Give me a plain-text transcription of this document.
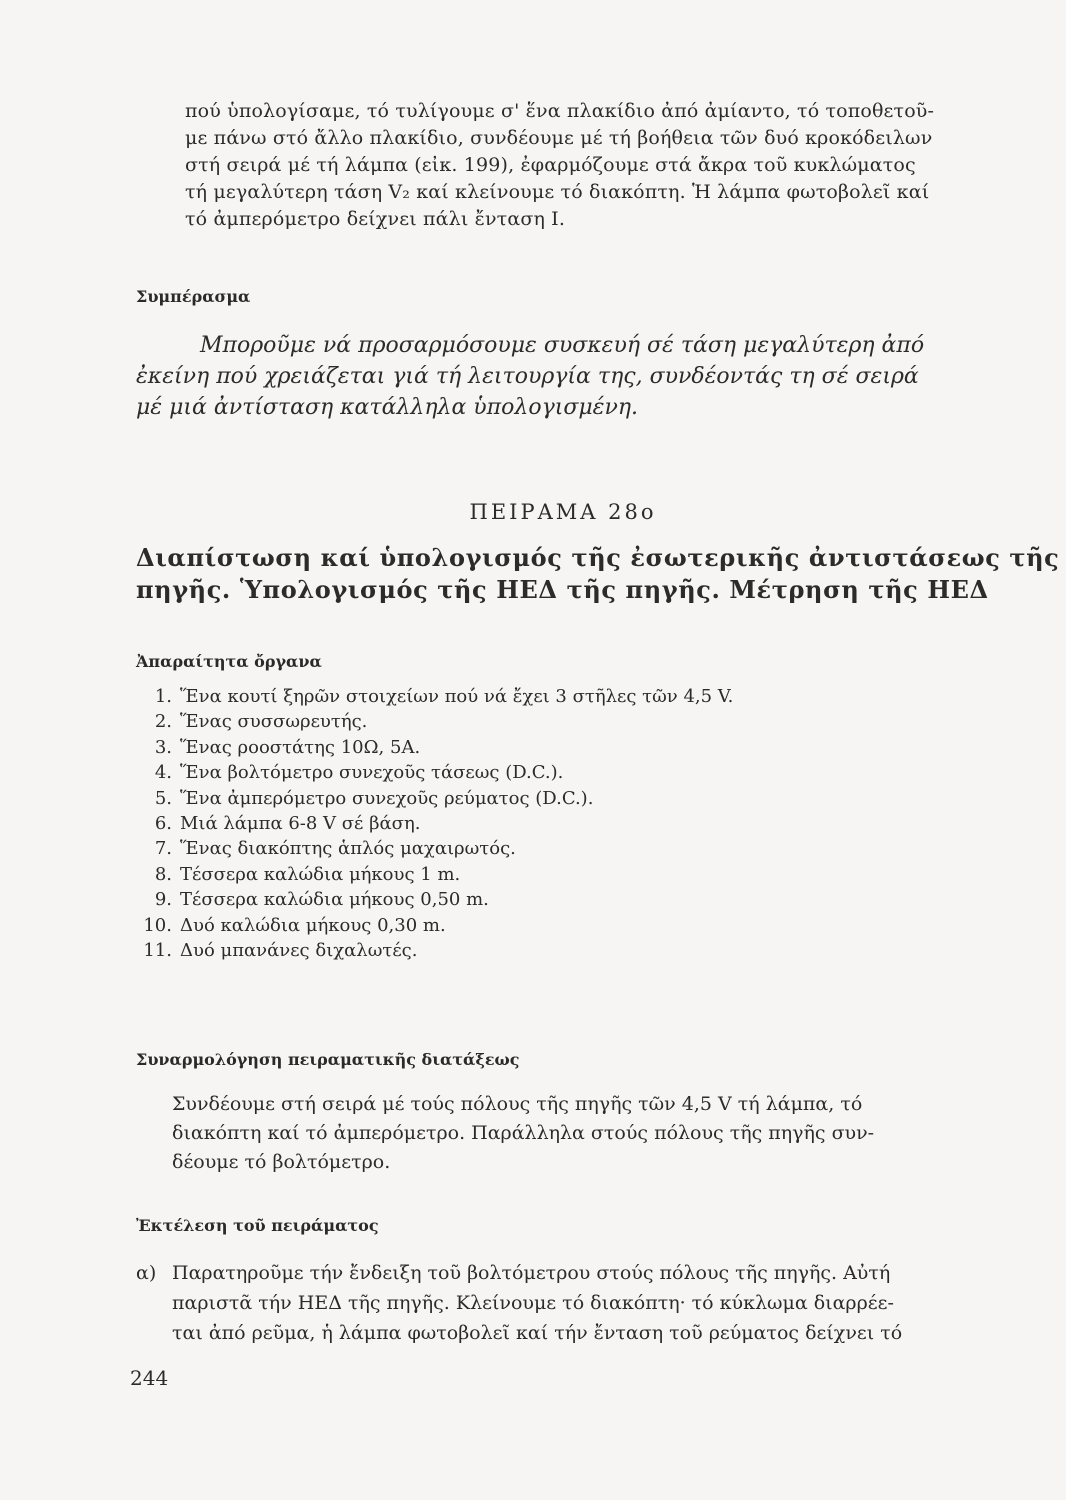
πού ὑπολογίσαμε, τό τυλίγουμε σ' ἕνα πλακίδιο ἀπό ἀμίαντο, τό τοποθετοῦ-
με πάνω στό ἄλλο πλακίδιο, συνδέουμε μέ τή βοήθεια τῶν δυό κροκόδειλων
στή σειρά μέ τή λάμπα (εἰκ. 199), ἐφαρμόζουμε στά ἄκρα τοῦ κυκλώματος
τή μεγαλύτερη τάση V₂ καί κλείνουμε τό διακόπτη. Ἡ λάμπα φωτοβολεῖ καί
τό ἀμπερόμετρο δείχνει πάλι ἔνταση I.
Συμπέρασμα
Μποροῦμε νά προσαρμόσουμε συσκευή σέ τάση μεγαλύτερη ἀπό
ἐκείνη πού χρειάζεται γιά τή λειτουργία της, συνδέοντάς τη σέ σειρά
μέ μιά ἀντίσταση κατάλληλα ὑπολογισμένη.
ΠΕΙΡΑΜΑ 28ο
Διαπίστωση καί ὑπολογισμός τῆς ἐσωτερικῆς ἀντιστάσεως τῆς
πηγῆς. Ὑπολογισμός τῆς ΗΕΔ τῆς πηγῆς. Μέτρηση τῆς ΗΕΔ
Ἀπαραίτητα ὄργανα
1. Ἕνα κουτί ξηρῶν στοιχείων πού νά ἔχει 3 στῆλες τῶν 4,5 V.
2. Ἕνας συσσωρευτής.
3. Ἕνας ροοστάτης 10Ω, 5A.
4. Ἕνα βολτόμετρο συνεχοῦς τάσεως (D.C.).
5. Ἕνα ἀμπερόμετρο συνεχοῦς ρεύματος (D.C.).
6. Μιά λάμπα 6-8 V σέ βάση.
7. Ἕνας διακόπτης ἁπλός μαχαιρωτός.
8. Τέσσερα καλώδια μήκους 1 m.
9. Τέσσερα καλώδια μήκους 0,50 m.
10. Δυό καλώδια μήκους 0,30 m.
11. Δυό μπανάνες διχαλωτές.
Συναρμολόγηση πειραματικῆς διατάξεως
Συνδέουμε στή σειρά μέ τούς πόλους τῆς πηγῆς τῶν 4,5 V τή λάμπα, τό
διακόπτη καί τό ἀμπερόμετρο. Παράλληλα στούς πόλους τῆς πηγῆς συν-
δέουμε τό βολτόμετρο.
Ἐκτέλεση τοῦ πειράματος
α) Παρατηροῦμε τήν ἔνδειξη τοῦ βολτόμετρου στούς πόλους τῆς πηγῆς. Αὐτή
παριστᾶ τήν ΗΕΔ τῆς πηγῆς. Κλείνουμε τό διακόπτη· τό κύκλωμα διαρρέε-
ται ἀπό ρεῦμα, ἡ λάμπα φωτοβολεῖ καί τήν ἔνταση τοῦ ρεύματος δείχνει τό
244
